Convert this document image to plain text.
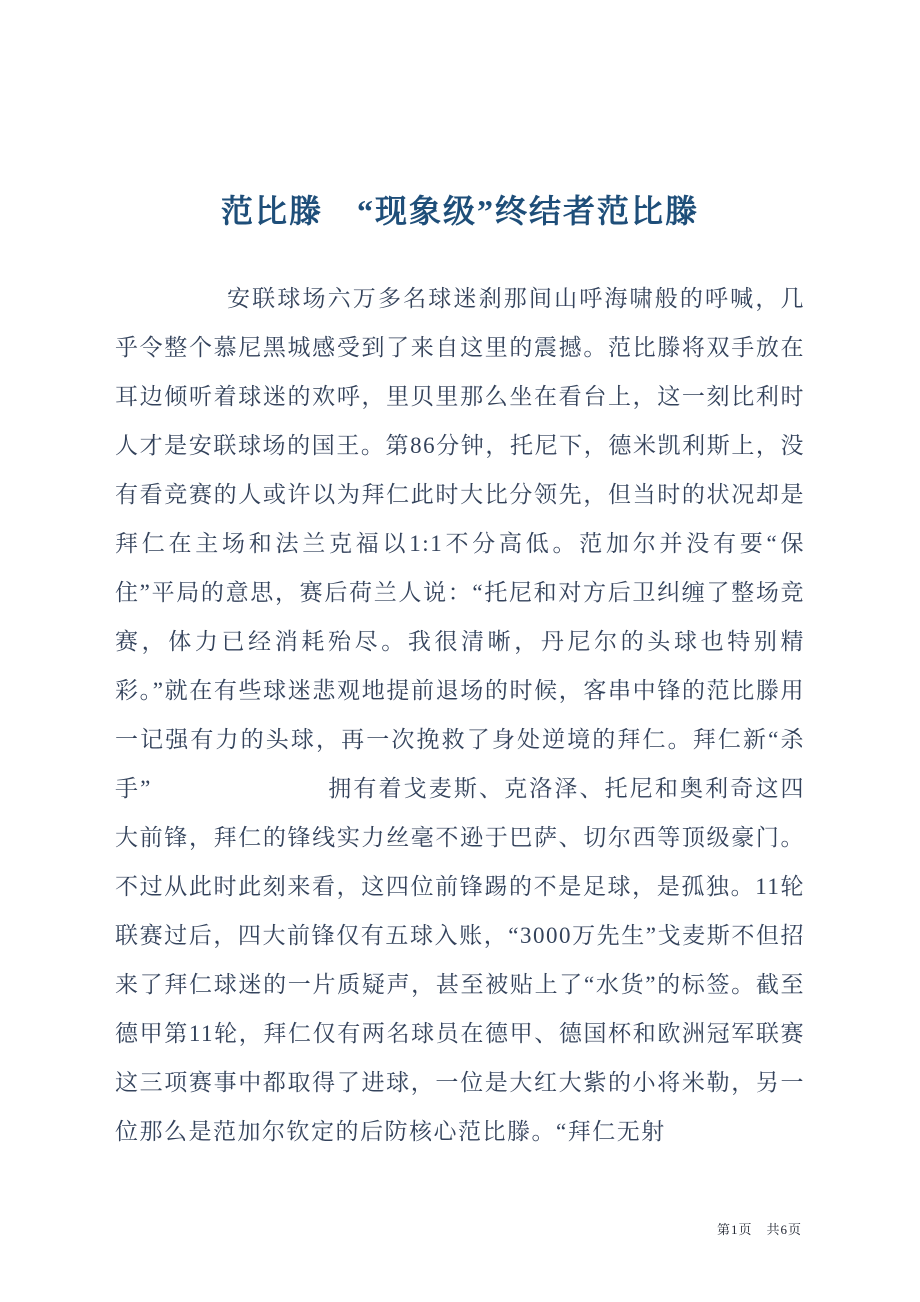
范比滕　“现象级”终结者范比滕

安联球场六万多名球迷刹那间山呼海啸般的呼喊，几乎令整个慕尼黑城感受到了来自这里的震撼。范比滕将双手放在耳边倾听着球迷的欢呼，里贝里那么坐在看台上，这一刻比利时人才是安联球场的国王。第86分钟，托尼下，德米凯利斯上，没有看竞赛的人或许以为拜仁此时大比分领先，但当时的状况却是拜仁在主场和法兰克福以1:1不分高低。范加尔并没有要“保住”平局的意思，赛后荷兰人说：“托尼和对方后卫纠缠了整场竞赛，体力已经消耗殆尽。我很清晰，丹尼尔的头球也特别精彩。”就在有些球迷悲观地提前退场的时候，客串中锋的范比滕用一记强有力的头球，再一次挽救了身处逆境的拜仁。拜仁新“杀手”　　　　　　　拥有着戈麦斯、克洛泽、托尼和奥利奇这四大前锋，拜仁的锋线实力丝毫不逊于巴萨、切尔西等顶级豪门。不过从此时此刻来看，这四位前锋踢的不是足球，是孤独。11轮联赛过后，四大前锋仅有五球入账，“3000万先生”戈麦斯不但招来了拜仁球迷的一片质疑声，甚至被贴上了“水货”的标签。截至德甲第11轮，拜仁仅有两名球员在德甲、德国杯和欧洲冠军联赛这三项赛事中都取得了进球，一位是大红大紫的小将米勒，另一位那么是范加尔钦定的后防核心范比滕。“拜仁无射

第1页 共6页
